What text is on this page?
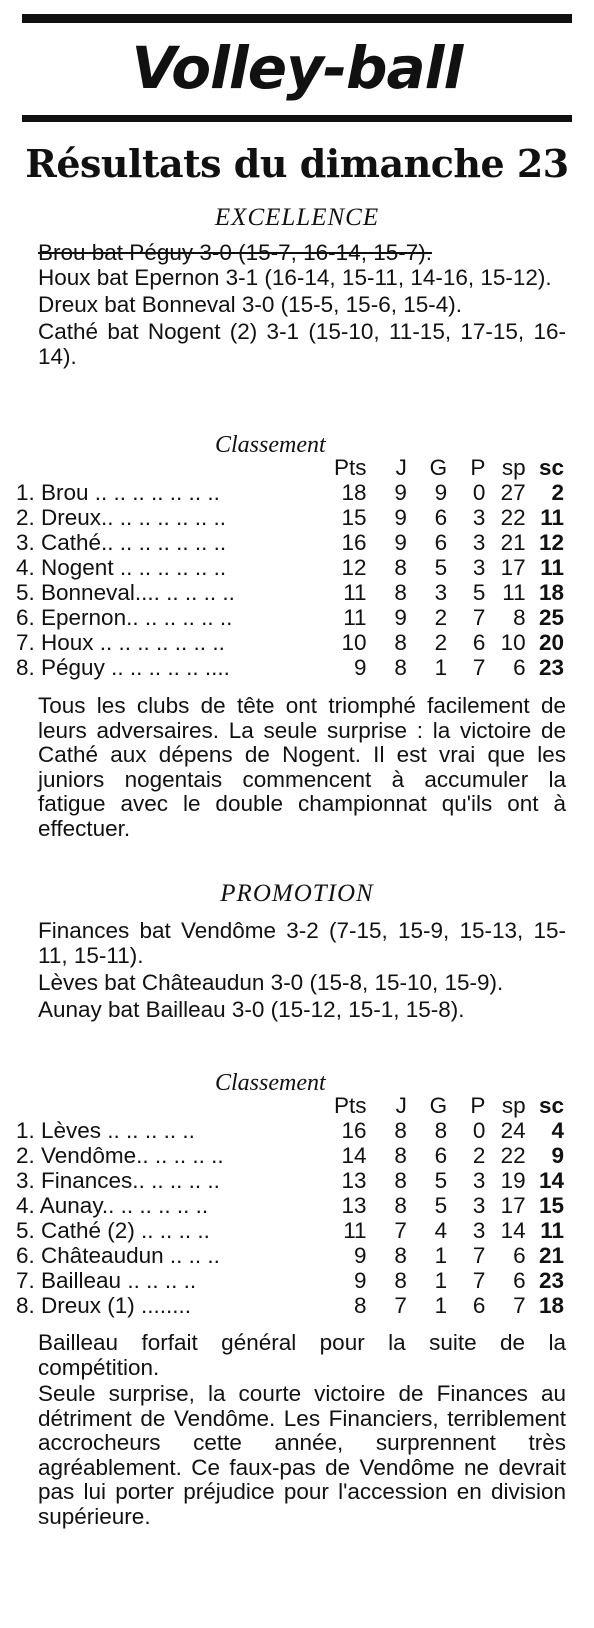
Volley-ball
Résultats du dimanche 23
EXCELLENCE
Brou bat Péguy 3-0 (15-7, 16-14, 15-7).
Houx bat Epernon 3-1 (16-14, 15-11, 14-16, 15-12).
Dreux bat Bonneval 3-0 (15-5, 15-6, 15-4).
Cathé bat Nogent (2) 3-1 (15-10, 11-15, 17-15, 16-14).
Classement
	Pts	J	G	P	sp	sc
1. Brou .. .. .. .. .. .. ..	18	9	9	0	27	2
2. Dreux.. .. .. .. .. .. ..	15	9	6	3	22	11
3. Cathé.. .. .. .. .. .. ..	16	9	6	3	21	12
4. Nogent .. .. .. .. .. ..	12	8	5	3	17	11
5. Bonneval.... .. .. .. ..	11	8	3	5	11	18
6. Epernon.. .. .. .. .. ..	11	9	2	7	8	25
7. Houx .. .. .. .. .. .. ..	10	8	2	6	10	20
8. Péguy .. .. .. .. .. ....	9	8	1	7	6	23
Tous les clubs de tête ont triomphé facilement de leurs adversaires. La seule surprise : la victoire de Cathé aux dépens de Nogent. Il est vrai que les juniors nogentais commencent à accumuler la fatigue avec le double championnat qu'ils ont à effectuer.
PROMOTION
Finances bat Vendôme 3-2 (7-15, 15-9, 15-13, 15-11, 15-11).
Lèves bat Châteaudun 3-0 (15-8, 15-10, 15-9).
Aunay bat Bailleau 3-0 (15-12, 15-1, 15-8).
Classement
	Pts	J	G	P	sp	sc
1. Lèves .. .. .. .. ..	16	8	8	0	24	4
2. Vendôme.. .. .. .. ..	14	8	6	2	22	9
3. Finances.. .. .. .. ..	13	8	5	3	19	14
4. Aunay.. .. .. .. .. ..	13	8	5	3	17	15
5. Cathé (2) .. .. .. ..	11	7	4	3	14	11
6. Châteaudun .. .. ..	9	8	1	7	6	21
7. Bailleau .. .. .. ..	9	8	1	7	6	23
8. Dreux (1) ........	8	7	1	6	7	18
Bailleau forfait général pour la suite de la compétition.
Seule surprise, la courte victoire de Finances au détriment de Vendôme. Les Financiers, terriblement accrocheurs cette année, surprennent très agréablement. Ce faux-pas de Vendôme ne devrait pas lui porter préjudice pour l'accession en division supérieure.
